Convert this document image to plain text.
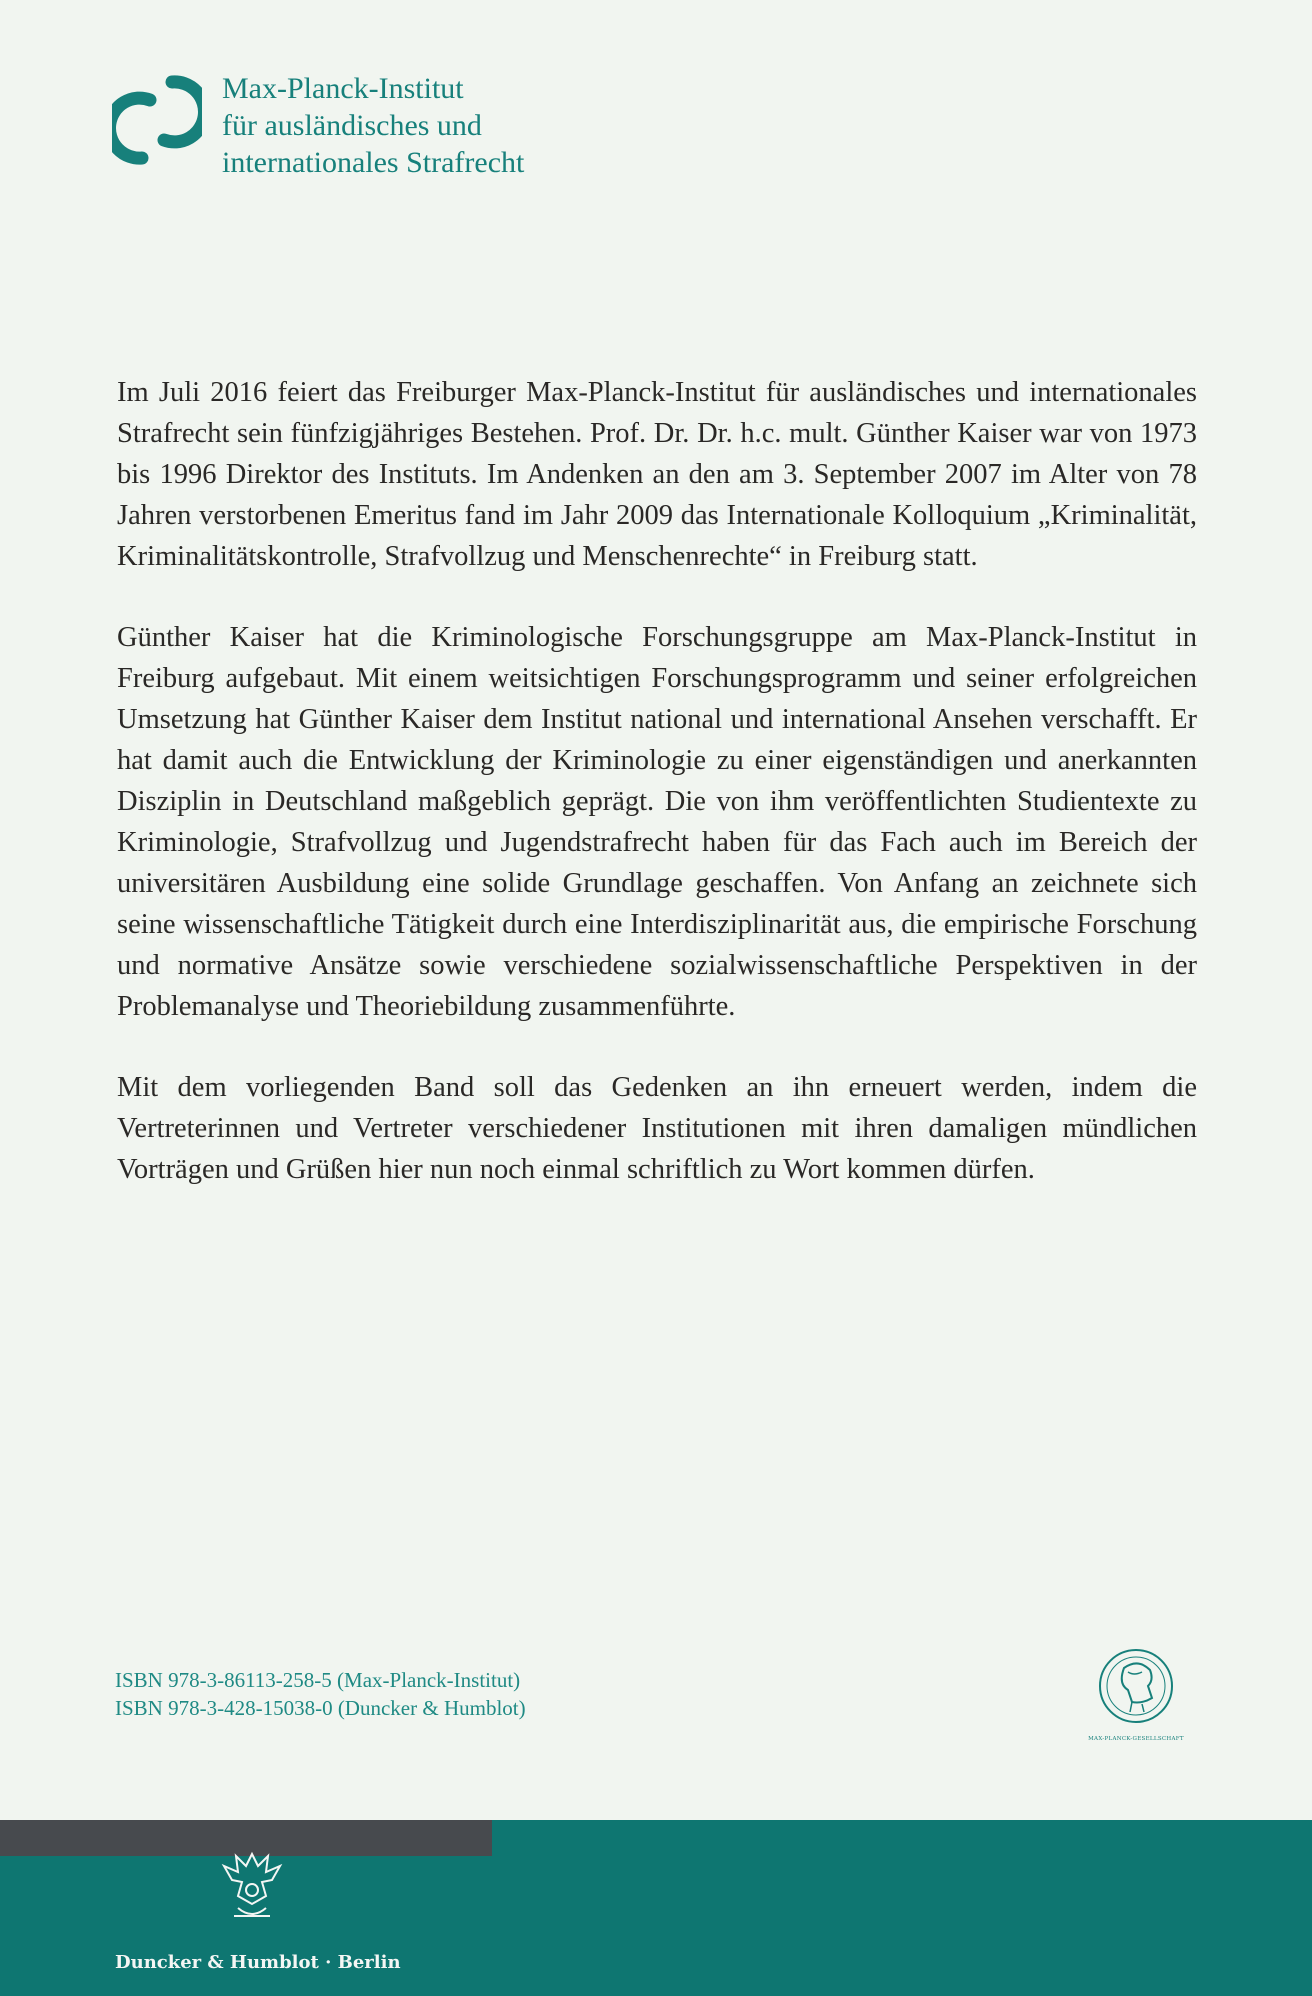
Max-Planck-Institut
für ausländisches und
internationales Strafrecht

Im Juli 2016 feiert das Freiburger Max-Planck-Institut für ausländisches und internationales Strafrecht sein fünfzigjähriges Bestehen. Prof. Dr. Dr. h.c. mult. Günther Kaiser war von 1973 bis 1996 Direktor des Instituts. Im Andenken an den am 3. September 2007 im Alter von 78 Jahren verstorbenen Emeritus fand im Jahr 2009 das Internationale Kolloquium „Kriminalität, Kriminalitätskontrolle, Strafvollzug und Menschenrechte“ in Freiburg statt.

Günther Kaiser hat die Kriminologische Forschungsgruppe am Max-Planck-Institut in Freiburg aufgebaut. Mit einem weitsichtigen Forschungsprogramm und seiner erfolgreichen Umsetzung hat Günther Kaiser dem Institut national und international Ansehen verschafft. Er hat damit auch die Entwicklung der Kriminologie zu einer eigenständigen und anerkannten Disziplin in Deutschland maßgeblich geprägt. Die von ihm veröffentlichten Studientexte zu Kriminologie, Strafvollzug und Jugendstrafrecht haben für das Fach auch im Bereich der universitären Ausbildung eine solide Grundlage geschaffen. Von Anfang an zeichnete sich seine wissenschaftliche Tätigkeit durch eine Interdisziplinarität aus, die empirische Forschung und normative Ansätze sowie verschiedene sozialwissenschaftliche Perspektiven in der Problemanalyse und Theoriebildung zusammenführte.

Mit dem vorliegenden Band soll das Gedenken an ihn erneuert werden, indem die Vertreterinnen und Vertreter verschiedener Institutionen mit ihren damaligen mündlichen Vorträgen und Grüßen hier nun noch einmal schriftlich zu Wort kommen dürfen.

ISBN 978-3-86113-258-5 (Max-Planck-Institut)
ISBN 978-3-428-15038-0 (Duncker & Humblot)
MAX-PLANCK-GESELLSCHAFT
Duncker & Humblot · Berlin
